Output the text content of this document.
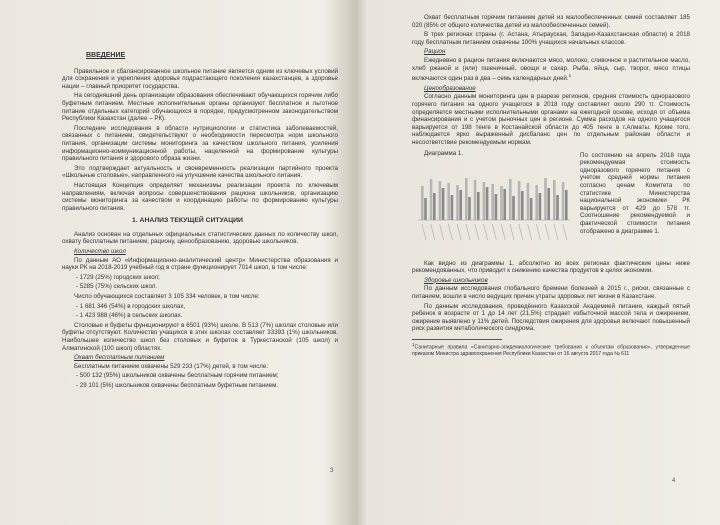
ВВЕДЕНИЕ

Правильное и сбалансированное школьное питание является одним из ключевых условий для сохранения и укрепления здоровья подрастающего поколения казахстанцев, а здоровье нации – главный приоритет государства.

На сегодняшний день организации образования обеспечивают обучающихся горячим либо буфетным питанием. Местные исполнительные органы организуют бесплатное и льготное питание отдельных категорий обучающихся в порядке, предусмотренном законодательством Республики Казахстан (далее – РК).

Последние исследования в области нутрициологии и статистика заболеваемостей, связанных с питанием, свидетельствуют о необходимости пересмотра норм школьного питания, организации системы мониторинга за качеством школьного питания, усиления информационно-коммуникационной работы, нацеленной на формирование культуры правильного питания и здорового образа жизни.

Это подтверждает актуальность и своевременность реализации партийного проекта «Школьные столовые», направленного на улучшение качества школьного питания.

Настоящая Концепция определяет механизмы реализации проекта по ключевым направлениям, включая вопросы совершенствования рациона школьников, организацию системы мониторинга за качеством и координацию работы по формированию культуры правильного питания.

1. АНАЛИЗ ТЕКУЩЕЙ СИТУАЦИИ

Анализ основан на отдельных официальных статистических данных по количеству школ, охвату бесплатным питанием, рациону, ценообразованию, здоровью школьников.

Количество школ

По данным АО «Информационно-аналитический центр» Министерства образования и науки РК на 2018-2019 учебный год в стране функционирует 7014 школ, в том числе:

- 1729 (25%) городских школ;

- 5285 (75%) сельских школ.

Число обучающихся составляет 3 105 334 человек, в том числе:

- 1 681 346 (54%) в городских школах,

- 1 423 988 (46%) в сельских школах.

Столовые и буфеты функционируют в 6501 (93%) школе. В 513 (7%) школах столовые или буфеты отсутствуют. Количество учащихся в этих школах составляет 33393 (1%) школьников. Наибольшее количество школ без столовых и буфетов в Туркестанской (105 школ) и Алматинской (100 школ) областях.

Охват бесплатным питанием

Бесплатным питанием охвачены 529 233 (17%) детей, в том числе:

- 500 132 (95%) школьников охвачены бесплатным горячим питанием;

- 29 101 (5%) школьников охвачены бесплатным буфетным питанием.

3

Охват бесплатным горячим питанием детей из малообеспеченных семей составляет 185 020 (85% от общего количества детей из малообеспеченных семей).

В трех регионах страны (г. Астана, Атырауская, Западно-Казахстанская области) в 2018 году бесплатным питанием охвачены 100% учащихся начальных классов.

Рацион

Ежедневно в рацион питания включаются мясо, молоко, сливочное и растительное масло, хлеб ржаной и (или) пшеничный, овощи и сахар. Рыба, яйца, сыр, творог, мясо птицы включаются один раз в два – семь календарных дней.$^1$

Ценообразование

Согласно данным мониторинга цен в разрезе регионов, средняя стоимость одноразового горячего питания на одного учащегося в 2018 году составляет около 290 тг. Стоимость определяется местными исполнительными органами на ежегодной основе, исходя от объема финансирования и с учетом рыночных цен в регионе. Сумма расходов на одного учащегося варьируется от 198 тенге в Костанайской области до 405 тенге в г.Алматы. Кроме того, наблюдается ярко выраженный дисбаланс цен по отдельным районам области и несоответствие рекомендуемым нормам.

Диаграмма 1.	По состоянию на апрель 2018 года рекомендуемая стоимость одноразового горячего питания с учетом средней нормы питания согласно ценам Комитета по статистике Министерства национальной экономики РК варьируется от 429 до 578 тг. Соотношение рекомендуемой и фактической стоимости питания отображено в диаграмме 1.

Как видно из диаграммы 1, абсолютно во всех регионах фактические цены ниже рекомендованных, что приводит к снижению качества продуктов в целях экономии.

Здоровье школьников

По данным исследования глобального бремени болезней в 2015 г., риски, связанные с питанием, вошли в число ведущих причин утраты здоровых лет жизни в Казахстане.

По данным исследования, проведённого Казахской Академией питания, каждый пятый ребенок в возрасте от 1 до 14 лет (21,5%) страдает избыточной массой тела и ожирением, ожирение выявлено у 11% детей. Последствия ожирения для здоровья включают повышенный риск развития метаболического синдрома,

1Санитарные правила «Санитарно-эпидемиологические требования к объектам образования», утвержденные приказом Министра здравоохранения Республики Казахстан от 16 августа 2017 года № 611

4
